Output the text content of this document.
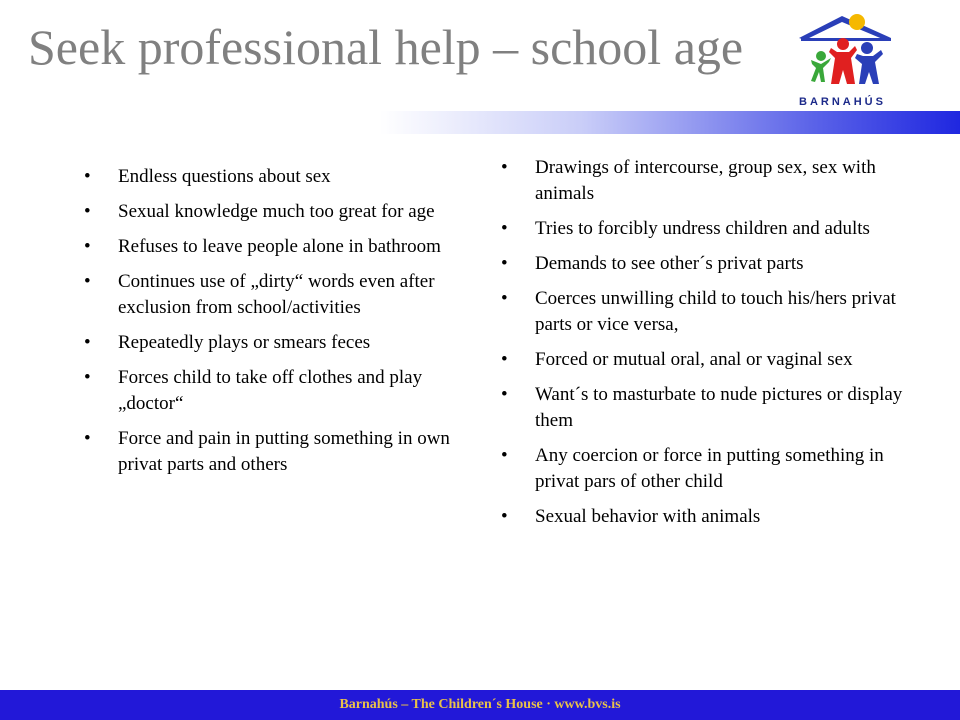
Seek professional help – school age
BARNAHÚS
• Endless questions about sex
• Sexual knowledge much too great for age
• Refuses to leave people alone in bathroom
• Continues use of „dirty“ words even after exclusion from school/activities
• Repeatedly plays or smears feces
• Forces child to take off clothes and play „doctor“
• Force and pain in putting something in own privat parts and others
• Drawings of intercourse, group sex, sex with animals
• Tries to forcibly undress children and adults
• Demands to see other´s privat parts
• Coerces unwilling child to touch his/hers privat parts or vice versa,
• Forced or mutual oral, anal or vaginal sex
• Want´s to masturbate to nude pictures or display them
• Any coercion or force in putting something in privat pars of other child
• Sexual behavior with animals
Barnahús – The Children´s House · www.bvs.is
